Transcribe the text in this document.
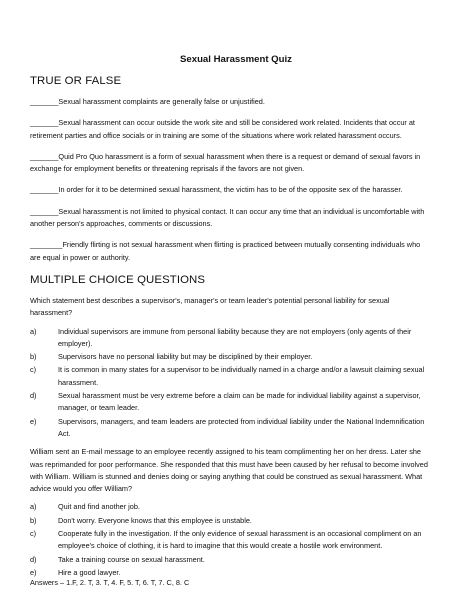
Sexual Harassment Quiz
TRUE OR FALSE
_______Sexual harassment complaints are generally false or unjustified.
_______Sexual harassment can occur outside the work site and still be considered work related. Incidents that occur at retirement parties and office socials or in training are some of the situations where work related harassment occurs.
_______Quid Pro Quo harassment is a form of sexual harassment when there is a request or demand of sexual favors in exchange for employment benefits or threatening reprisals if the favors are not given.
_______In order for it to be determined sexual harassment, the victim has to be of the opposite sex of the harasser.
_______Sexual harassment is not limited to physical contact. It can occur any time that an individual is uncomfortable with another person's approaches, comments or discussions.
________Friendly flirting is not sexual harassment when flirting is practiced between mutually consenting individuals who are equal in power or authority.
MULTIPLE CHOICE QUESTIONS
Which statement best describes a supervisor's, manager's or team leader's potential personal liability for sexual harassment?
a)	Individual supervisors are immune from personal liability because they are not employers (only agents of their employer).
b)	Supervisors have no personal liability but may be disciplined by their employer.
c)	It is common in many states for a supervisor to be individually named in a charge and/or a lawsuit claiming sexual harassment.
d)	Sexual harassment must be very extreme before a claim can be made for individual liability against a supervisor, manager, or team leader.
e)	Supervisors, managers, and team leaders are protected from individual liability under the National Indemnification Act.
William sent an E-mail message to an employee recently assigned to his team complimenting her on her dress. Later she was reprimanded for poor performance. She responded that this must have been caused by her refusal to become involved with William. William is stunned and denies doing or saying anything that could be construed as sexual harassment. What advice would you offer William?
a)	Quit and find another job.
b)	Don't worry. Everyone knows that this employee is unstable.
c)	Cooperate fully in the investigation. If the only evidence of sexual harassment is an occasional compliment on an employee's choice of clothing, it is hard to imagine that this would create a hostile work environment.
d)	Take a training course on sexual harassment.
e)	Hire a good lawyer.
Answers – 1.F, 2. T, 3. T, 4. F, 5. T, 6. T, 7. C, 8. C
